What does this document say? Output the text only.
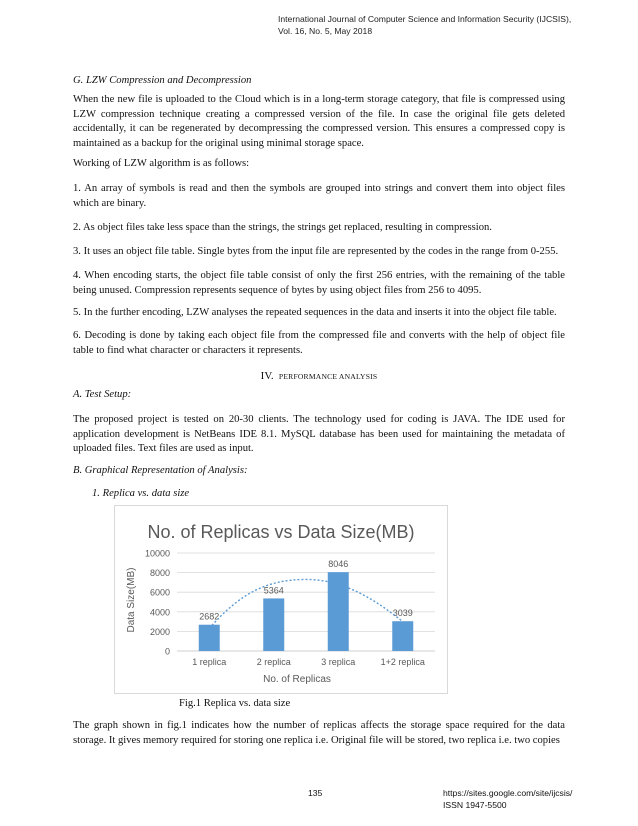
International Journal of Computer Science and Information Security (IJCSIS),
Vol. 16, No. 5, May 2018
G. LZW Compression and Decompression
When the new file is uploaded to the Cloud which is in a long-term storage category, that file is compressed using LZW compression technique creating a compressed version of the file. In case the original file gets deleted accidentally, it can be regenerated by decompressing the compressed version. This ensures a compressed copy is maintained as a backup for the original using minimal storage space.
Working of LZW algorithm is as follows:
1. An array of symbols is read and then the symbols are grouped into strings and convert them into object files which are binary.
2. As object files take less space than the strings, the strings get replaced, resulting in compression.
3. It uses an object file table. Single bytes from the input file are represented by the codes in the range from 0-255.
4. When encoding starts, the object file table consist of only the first 256 entries, with the remaining of the table being unused. Compression represents sequence of bytes by using object files from 256 to 4095.
5. In the further encoding, LZW analyses the repeated sequences in the data and inserts it into the object file table.
6. Decoding is done by taking each object file from the compressed file and converts with the help of object file table to find what character or characters it represents.
IV. PERFORMANCE ANALYSIS
A. Test Setup:
The proposed project is tested on 20-30 clients. The technology used for coding is JAVA. The IDE used for application development is NetBeans IDE 8.1. MySQL database has been used for maintaining the metadata of uploaded files. Text files are used as input.
B. Graphical Representation of Analysis:
1. Replica vs. data size
No. of Replicas vs Data Size(MB)
0
2000
4000
6000
8000
10000
2682
5364
8046
3039
1 replica	2 replica	3 replica	1+2 replica
No. of Replicas
Data Size(MB)
Fig.1 Replica vs. data size
The graph shown in fig.1 indicates how the number of replicas affects the storage space required for the data storage. It gives memory required for storing one replica i.e. Original file will be stored, two replica i.e. two copies
135	https://sites.google.com/site/ijcsis/
ISSN 1947-5500
